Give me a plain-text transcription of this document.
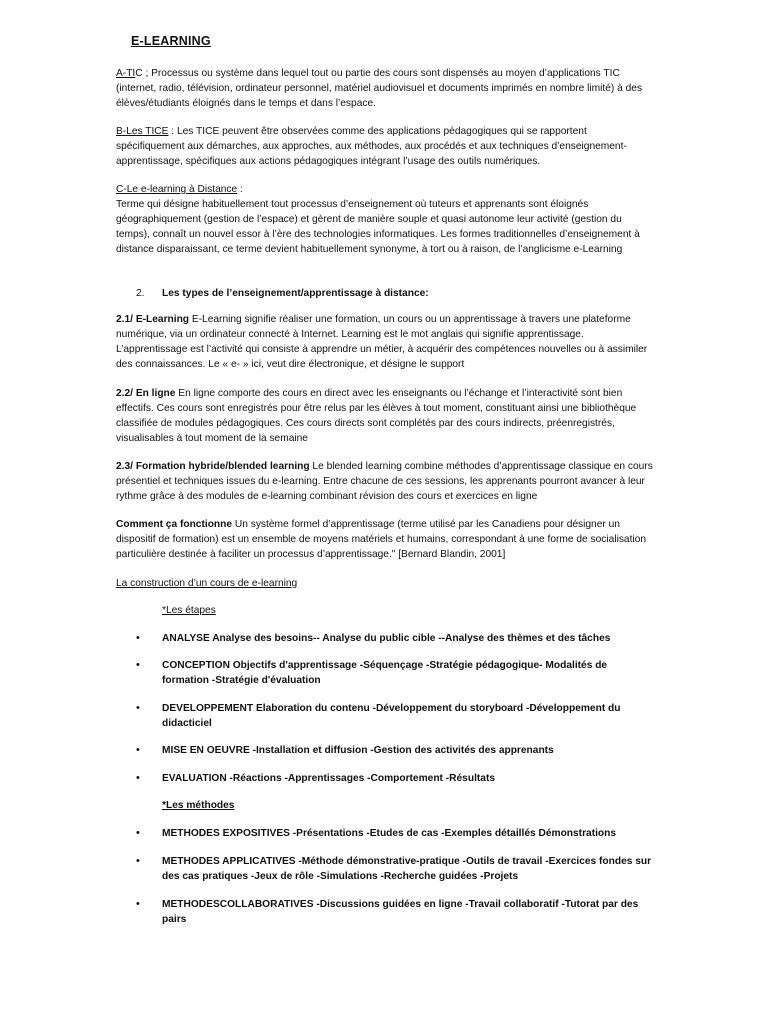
E-LEARNING

A-TIC ; Processus ou système dans lequel tout ou partie des cours sont dispensés au moyen d’applications TIC (internet, radio, télévision, ordinateur personnel, matériel audiovisuel et documents imprimés en nombre limité) à des élèves/étudiants éloignés dans le temps et dans l’espace.

B-Les TICE : Les TICE peuvent être observées comme des applications pédagogiques qui se rapportent spécifiquement aux démarches, aux approches, aux méthodes, aux procédés et aux techniques d’enseignement-apprentissage, spécifiques aux actions pédagogiques intégrant l’usage des outils numériques.

C-Le e-learning à Distance :
Terme qui désigne habituellement tout processus d’enseignement où tuteurs et apprenants sont éloignés géographiquement (gestion de l’espace) et gèrent de manière souple et quasi autonome leur activité (gestion du temps), connaît un nouvel essor à l’ère des technologies informatiques. Les formes traditionnelles d’enseignement à distance disparaissant, ce terme devient habituellement synonyme, à tort ou à raison, de l’anglicisme e-Learning

2. Les types de l’enseignement/apprentissage à distance:

2.1/ E-Learning E-Learning signifie réaliser une formation, un cours ou un apprentissage à travers une plateforme numérique, via un ordinateur connecté à Internet. Learning est le mot anglais qui signifie apprentissage. L’apprentissage est l’activité qui consiste à apprendre un métier, à acquérir des compétences nouvelles ou à assimiler des connaissances. Le « e- » ici, veut dire électronique, et désigne le support

2.2/ En ligne En ligne comporte des cours en direct avec les enseignants ou l’échange et l’interactivité sont bien effectifs. Ces cours sont enregistrés pour être relus par les élèves à tout moment, constituant ainsi une bibliothèque classifiée de modules pédagogiques. Ces cours directs sont complétés par des cours indirects, préenregistrés, visualisables à tout moment de la semaine

2.3/ Formation hybride/blended learning Le blended learning combine méthodes d’apprentissage classique en cours présentiel et techniques issues du e-learning. Entre chacune de ces sessions, les apprenants pourront avancer à leur rythme grâce à des modules de e-learning combinant révision des cours et exercices en ligne

Comment ça fonctionne Un système formel d’apprentissage (terme utilisé par les Canadiens pour désigner un dispositif de formation) est un ensemble de moyens matériels et humains, correspondant à une forme de socialisation particulière destinée à faciliter un processus d’apprentissage." [Bernard Blandin, 2001]

La construction d’un cours de e-learning
*Les étapes
•	ANALYSE Analyse des besoins-- Analyse du public cible --Analyse des thèmes et des tâches
•	CONCEPTION Objectifs d'apprentissage -Séquençage -Stratégie pédagogique- Modalités de formation -Stratégie d'évaluation
•	DEVELOPPEMENT Elaboration du contenu -Développement du storyboard -Développement du didacticiel
•	MISE EN OEUVRE -Installation et diffusion -Gestion des activités des apprenants
•	EVALUATION -Réactions -Apprentissages -Comportement -Résultats
*Les méthodes
•	METHODES EXPOSITIVES -Présentations -Etudes de cas -Exemples détaillés Démonstrations
•	METHODES APPLICATIVES -Méthode démonstrative-pratique -Outils de travail -Exercices fondes sur des cas pratiques -Jeux de rôle -Simulations -Recherche guidées -Projets
•	METHODESCOLLABORATIVES -Discussions guidées en ligne -Travail collaboratif -Tutorat par des pairs
